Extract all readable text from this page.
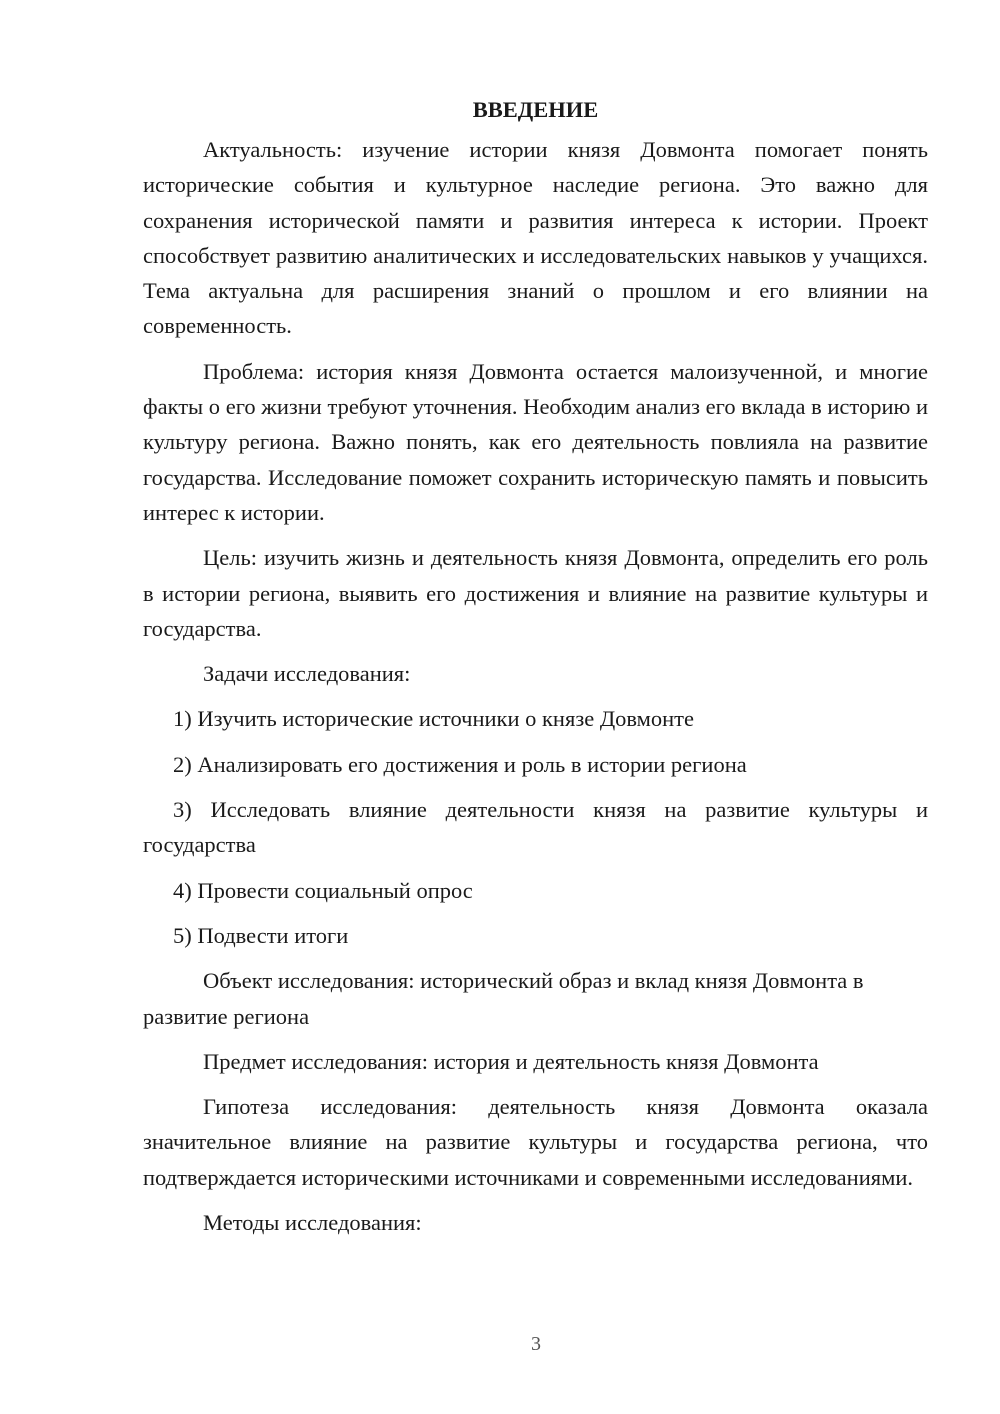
ВВЕДЕНИЕ

Актуальность: изучение истории князя Довмонта помогает понять исторические события и культурное наследие региона. Это важно для сохранения исторической памяти и развития интереса к истории. Проект способствует развитию аналитических и исследовательских навыков у учащихся. Тема актуальна для расширения знаний о прошлом и его влиянии на современность.

Проблема: история князя Довмонта остается малоизученной, и многие факты о его жизни требуют уточнения. Необходим анализ его вклада в историю и культуру региона. Важно понять, как его деятельность повлияла на развитие государства. Исследование поможет сохранить историческую память и повысить интерес к истории.

Цель: изучить жизнь и деятельность князя Довмонта, определить его роль в истории региона, выявить его достижения и влияние на развитие культуры и государства.

Задачи исследования:

1) Изучить исторические источники о князе Довмонте
2) Анализировать его достижения и роль в истории региона
3) Исследовать влияние деятельности князя на развитие культуры и государства
4) Провести социальный опрос
5) Подвести итоги

Объект исследования: исторический образ и вклад князя Довмонта в развитие региона

Предмет исследования: история и деятельность князя Довмонта

Гипотеза исследования: деятельность князя Довмонта оказала значительное влияние на развитие культуры и государства региона, что подтверждается историческими источниками и современными исследованиями.

Методы исследования:

3
